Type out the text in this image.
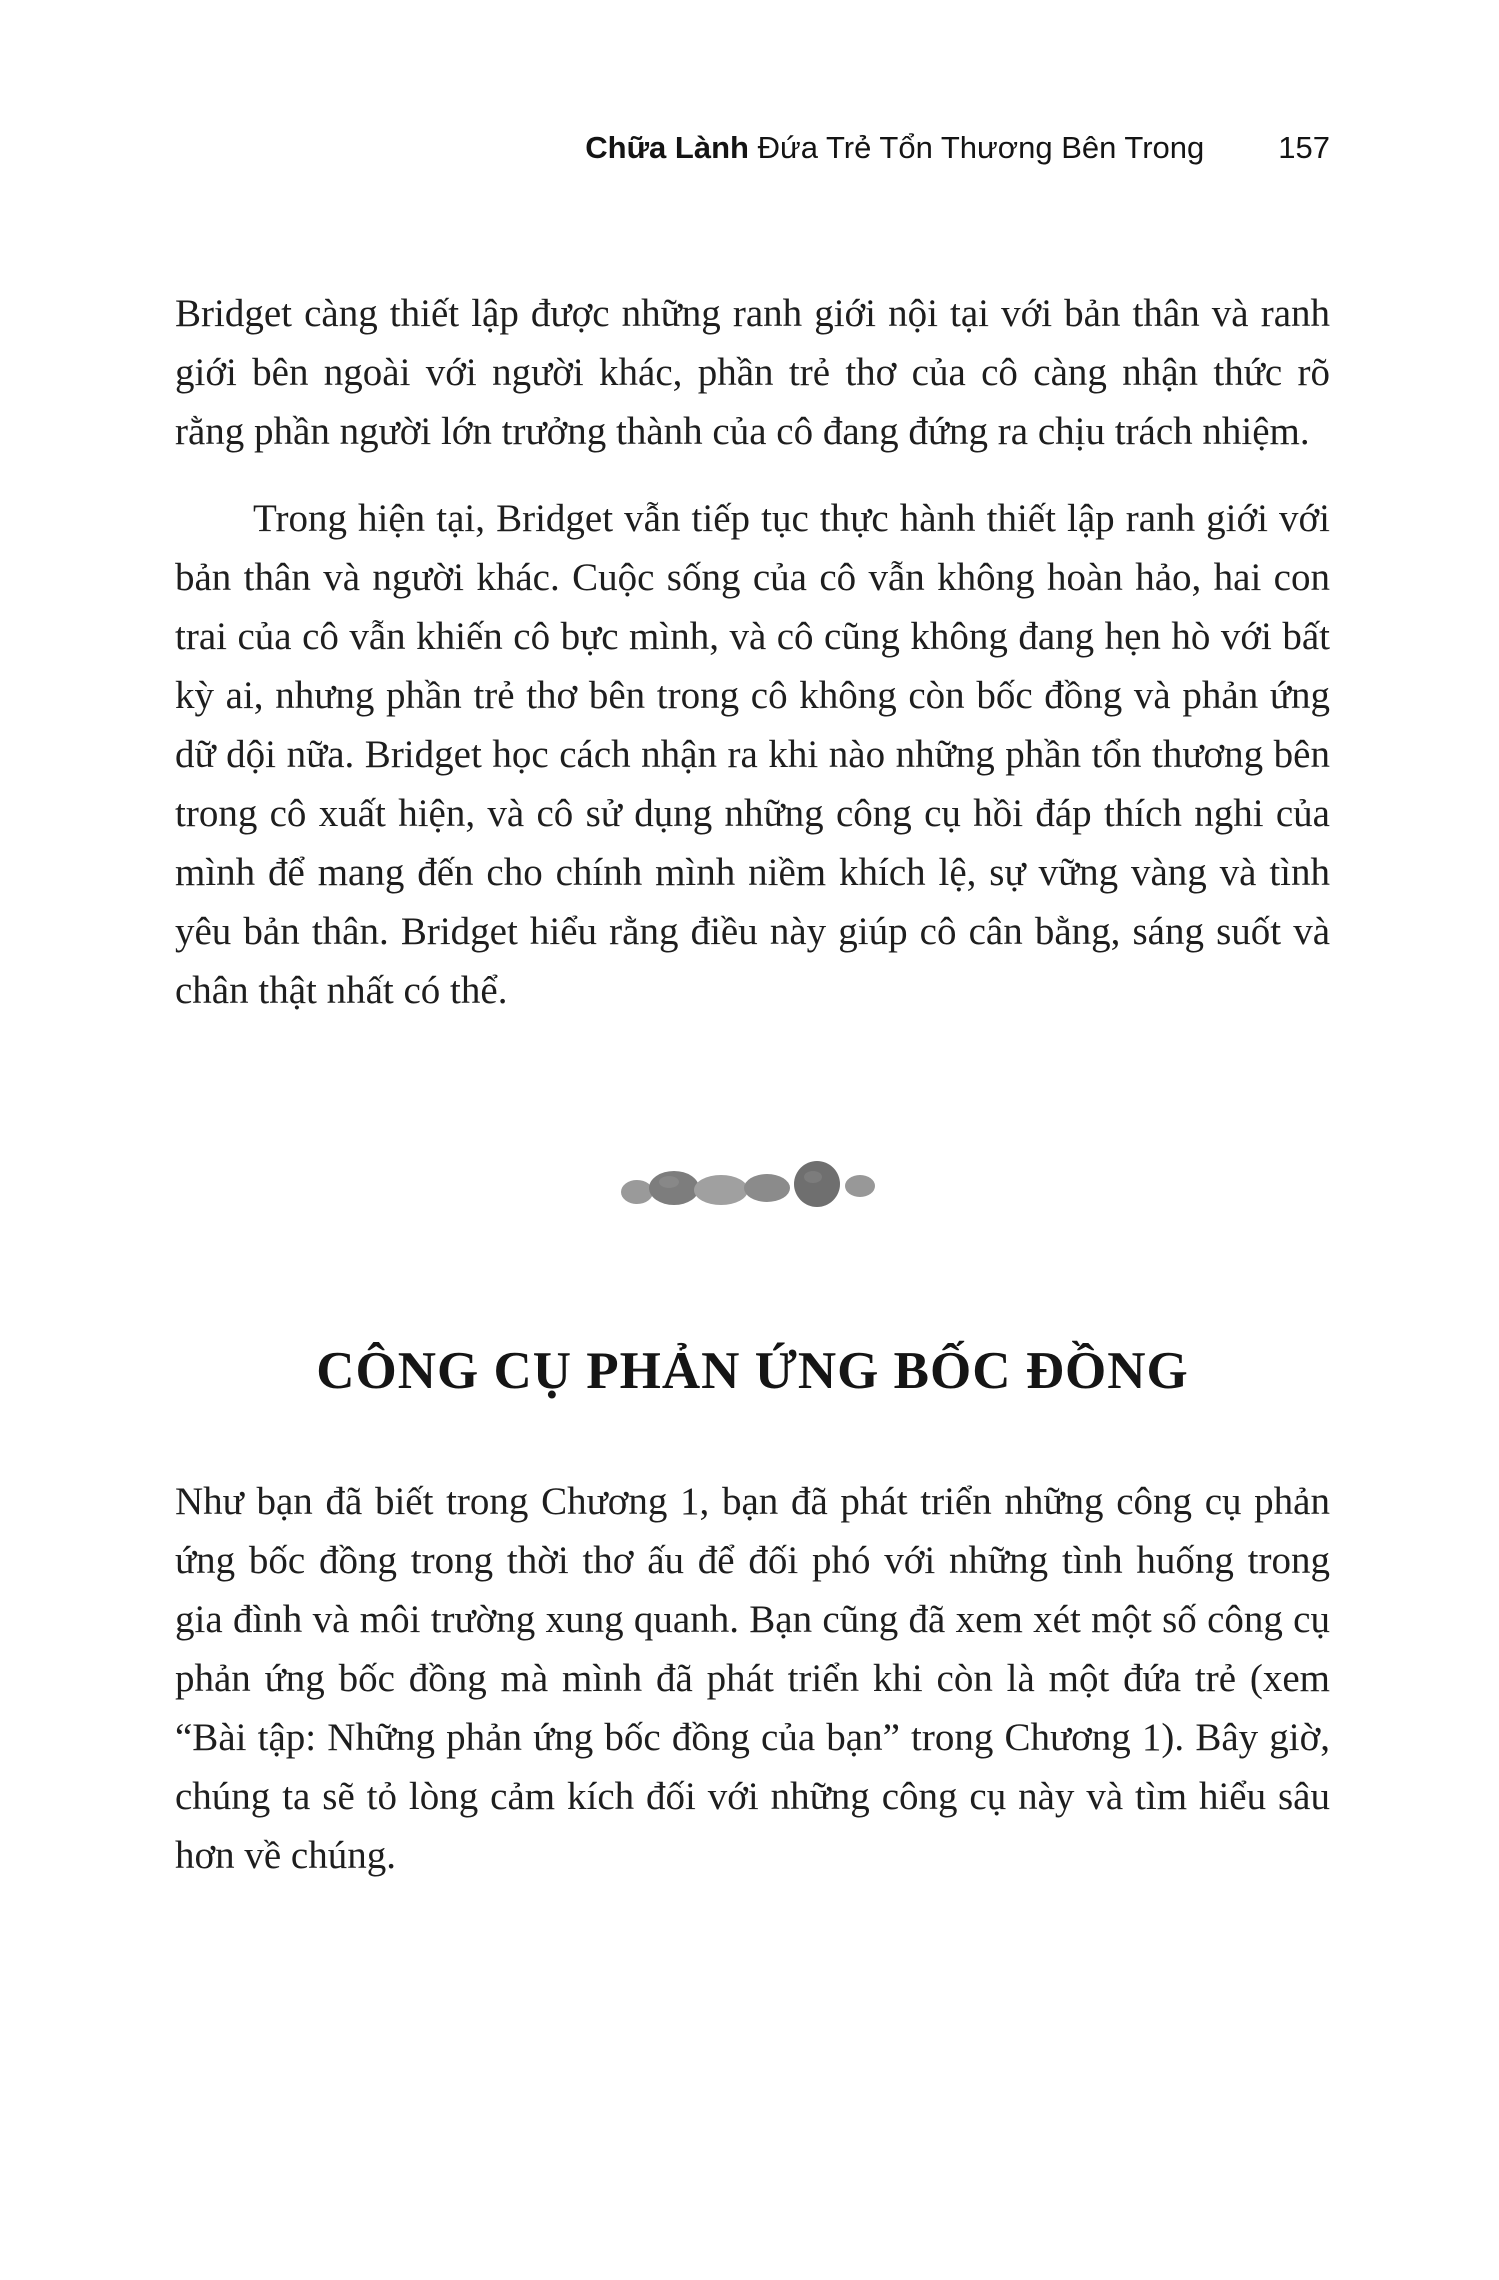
Chữa Lành Đứa Trẻ Tổn Thương Bên Trong 157

Bridget càng thiết lập được những ranh giới nội tại với bản thân và ranh giới bên ngoài với người khác, phần trẻ thơ của cô càng nhận thức rõ rằng phần người lớn trưởng thành của cô đang đứng ra chịu trách nhiệm.

Trong hiện tại, Bridget vẫn tiếp tục thực hành thiết lập ranh giới với bản thân và người khác. Cuộc sống của cô vẫn không hoàn hảo, hai con trai của cô vẫn khiến cô bực mình, và cô cũng không đang hẹn hò với bất kỳ ai, nhưng phần trẻ thơ bên trong cô không còn bốc đồng và phản ứng dữ dội nữa. Bridget học cách nhận ra khi nào những phần tổn thương bên trong cô xuất hiện, và cô sử dụng những công cụ hồi đáp thích nghi của mình để mang đến cho chính mình niềm khích lệ, sự vững vàng và tình yêu bản thân. Bridget hiểu rằng điều này giúp cô cân bằng, sáng suốt và chân thật nhất có thể.

CÔNG CỤ PHẢN ỨNG BỐC ĐỒNG

Như bạn đã biết trong Chương 1, bạn đã phát triển những công cụ phản ứng bốc đồng trong thời thơ ấu để đối phó với những tình huống trong gia đình và môi trường xung quanh. Bạn cũng đã xem xét một số công cụ phản ứng bốc đồng mà mình đã phát triển khi còn là một đứa trẻ (xem “Bài tập: Những phản ứng bốc đồng của bạn” trong Chương 1). Bây giờ, chúng ta sẽ tỏ lòng cảm kích đối với những công cụ này và tìm hiểu sâu hơn về chúng.
